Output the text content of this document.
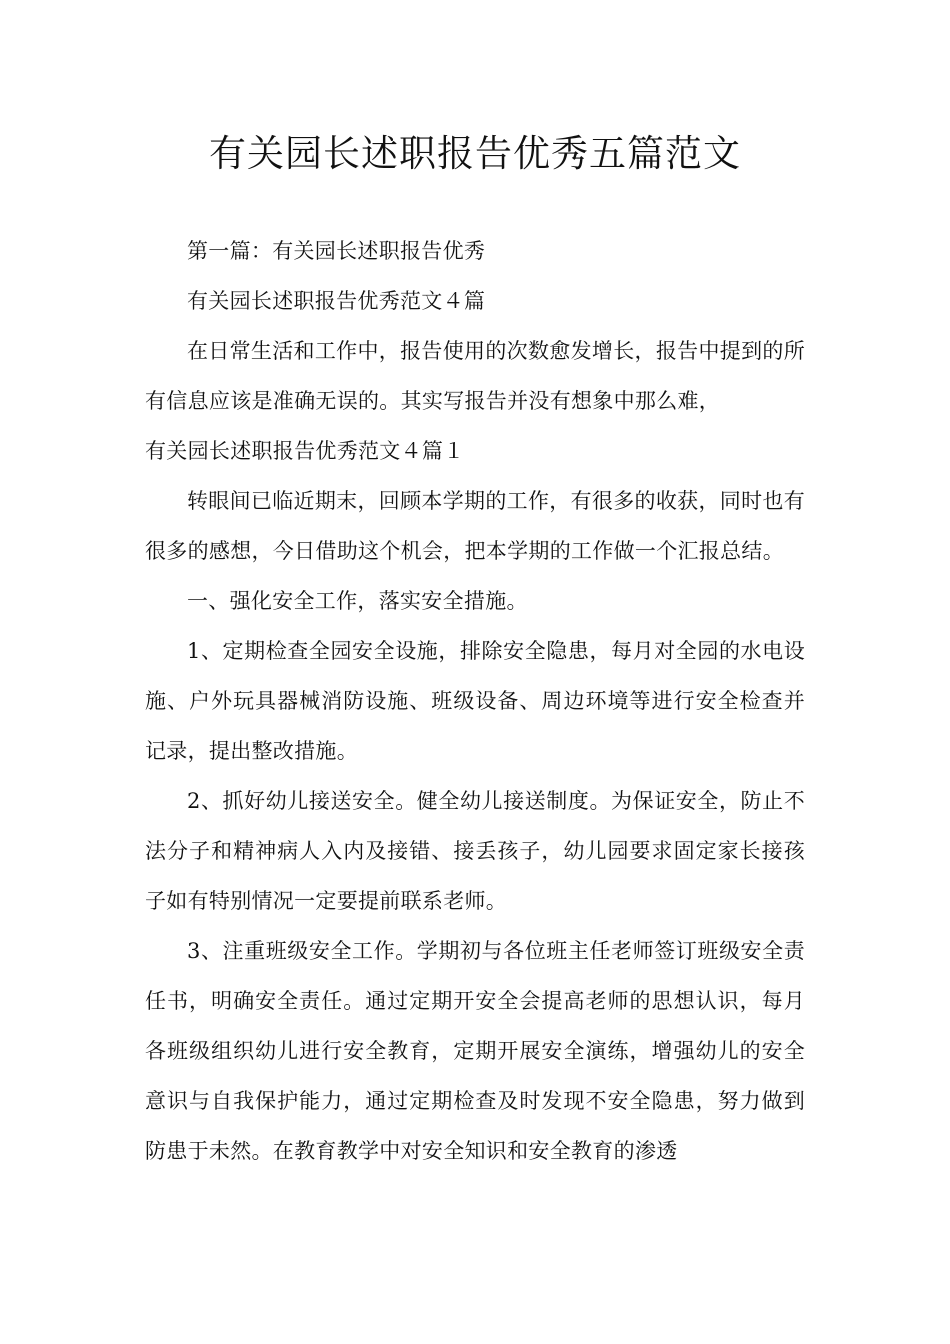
有关园长述职报告优秀五篇范文

第一篇：有关园长述职报告优秀

有关园长述职报告优秀范文４篇

在日常生活和工作中，报告使用的次数愈发增长，报告中提到的所有信息应该是准确无误的。其实写报告并没有想象中那么难，

有关园长述职报告优秀范文４篇１

转眼间已临近期末，回顾本学期的工作，有很多的收获，同时也有很多的感想，今日借助这个机会，把本学期的工作做一个汇报总结。

一、强化安全工作，落实安全措施。

1、定期检查全园安全设施，排除安全隐患，每月对全园的水电设施、户外玩具器械消防设施、班级设备、周边环境等进行安全检查并记录，提出整改措施。

2、抓好幼儿接送安全。健全幼儿接送制度。为保证安全，防止不法分子和精神病人入内及接错、接丢孩子，幼儿园要求固定家长接孩子如有特别情况一定要提前联系老师。

3、注重班级安全工作。学期初与各位班主任老师签订班级安全责任书，明确安全责任。通过定期开安全会提高老师的思想认识，每月各班级组织幼儿进行安全教育，定期开展安全演练，增强幼儿的安全意识与自我保护能力，通过定期检查及时发现不安全隐患，努力做到防患于未然。在教育教学中对安全知识和安全教育的渗透
